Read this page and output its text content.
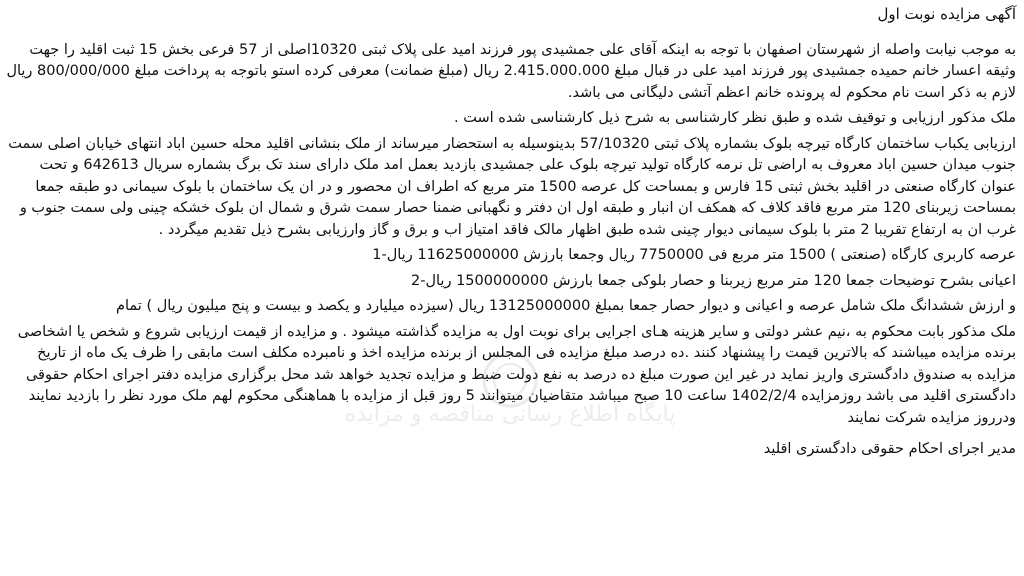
آگهی مزایده نوبت اول

به موجب نیابت واصله از شهرستان اصفهان با توجه به اینکه آقای علی جمشیدی پور فرزند امید علی پلاک ثبتی 10320اصلی از 57 فرعی بخش 15 ثبت اقلید را جهت وثیقه اعسار خانم حمیده جمشیدی پور فرزند امید علی در قبال مبلغ 2.415.000.000 ریال (مبلغ ضمانت) معرفی کرده استو باتوجه به پرداخت مبلغ 800/000/000 ریال لازم به ذکر است نام محکوم له پرونده خانم اعظم آتشی دلیگانی می باشد.

ملک مذکور ارزیابی و توقیف شده و طبق نظر کارشناسی به شرح ذیل کارشناسی شده است .

ارزیابی یکباب ساختمان کارگاه تیرچه بلوک بشماره پلاک ثبتی 57/10320 بدینوسیله به استحضار میرساند از ملک بنشانی اقلید محله حسین اباد انتهای خیابان اصلی سمت جنوب میدان حسین اباد معروف به اراضی تل نرمه کارگاه تولید تیرچه بلوک علی جمشیدی بازدید بعمل امد ملک دارای سند تک برگ بشماره سریال 642613 و تحت عنوان کارگاه صنعتی در اقلید بخش ثبتی 15 فارس و بمساحت کل عرصه 1500 متر مربع که اطراف ان محصور و در ان یک ساختمان با بلوک سیمانی دو طبقه جمعا بمساحت زیربنای 120 متر مربع فاقد کلاف که همکف ان انبار و طبقه اول ان دفتر و نگهبانی ضمنا حصار سمت شرق و شمال ان بلوک خشکه چینی ولی سمت جنوب و غرب ان به ارتفاع تقریبا 2 متر با بلوک سیمانی دیوار چینی شده طبق اظهار مالک فاقد امتیاز اب و برق و گاز وارزیابی بشرح ذیل تقدیم میگردد .

عرصه کاربری کارگاه (صنعتی ) 1500 متر مربع فی 7750000 ریال وجمعا بارزش 11625000000 ریال-1

اعیانی بشرح توضیحات جمعا 120 متر مربع زیربنا و حصار بلوکی جمعا بارزش 1500000000 ریال-2

و ارزش ششدانگ ملک شامل عرصه و اعیانی و دیوار حصار جمعا بمبلغ 13125000000 ریال (سیزده میلیارد و یکصد و بیست و پنج میلیون ریال ) تمام

ملک مذکور بابت محکوم به ،نیم عشر دولتی و سایر هزینه هـای اجرایی برای نوبت اول به مزایده گذاشته میشود . و مزایده از قیمت ارزیابی شروع و شخص یا اشخاصی برنده مزایده میباشند که بالاترین قیمت را پیشنهاد کنند .ده درصد مبلغ مزایده فی المجلس از برنده مزایده اخذ و نامبرده مکلف است مابقی را ظرف یک ماه از تاریخ مزایده به صندوق دادگستری واریز نماید در غیر این صورت مبلغ ده درصد به نفع دولت ضبط و مزایده تجدید خواهد شد محل برگزاری مزایده دفتر اجرای احکام حقوقی دادگستری اقلید می باشد روزمزایده 1402/2/4 ساعت 10 صبح میباشد متقاضیان میتوانند 5 روز قبل از مزایده با هماهنگی محکوم لهم ملک مورد نظر را بازدید نمایند ودرروز مزایده شرکت نمایند

مدیر اجرای احکام حقوقی دادگستری اقلید

پایگاه اطلاع رسانی مناقصه و مزایده
